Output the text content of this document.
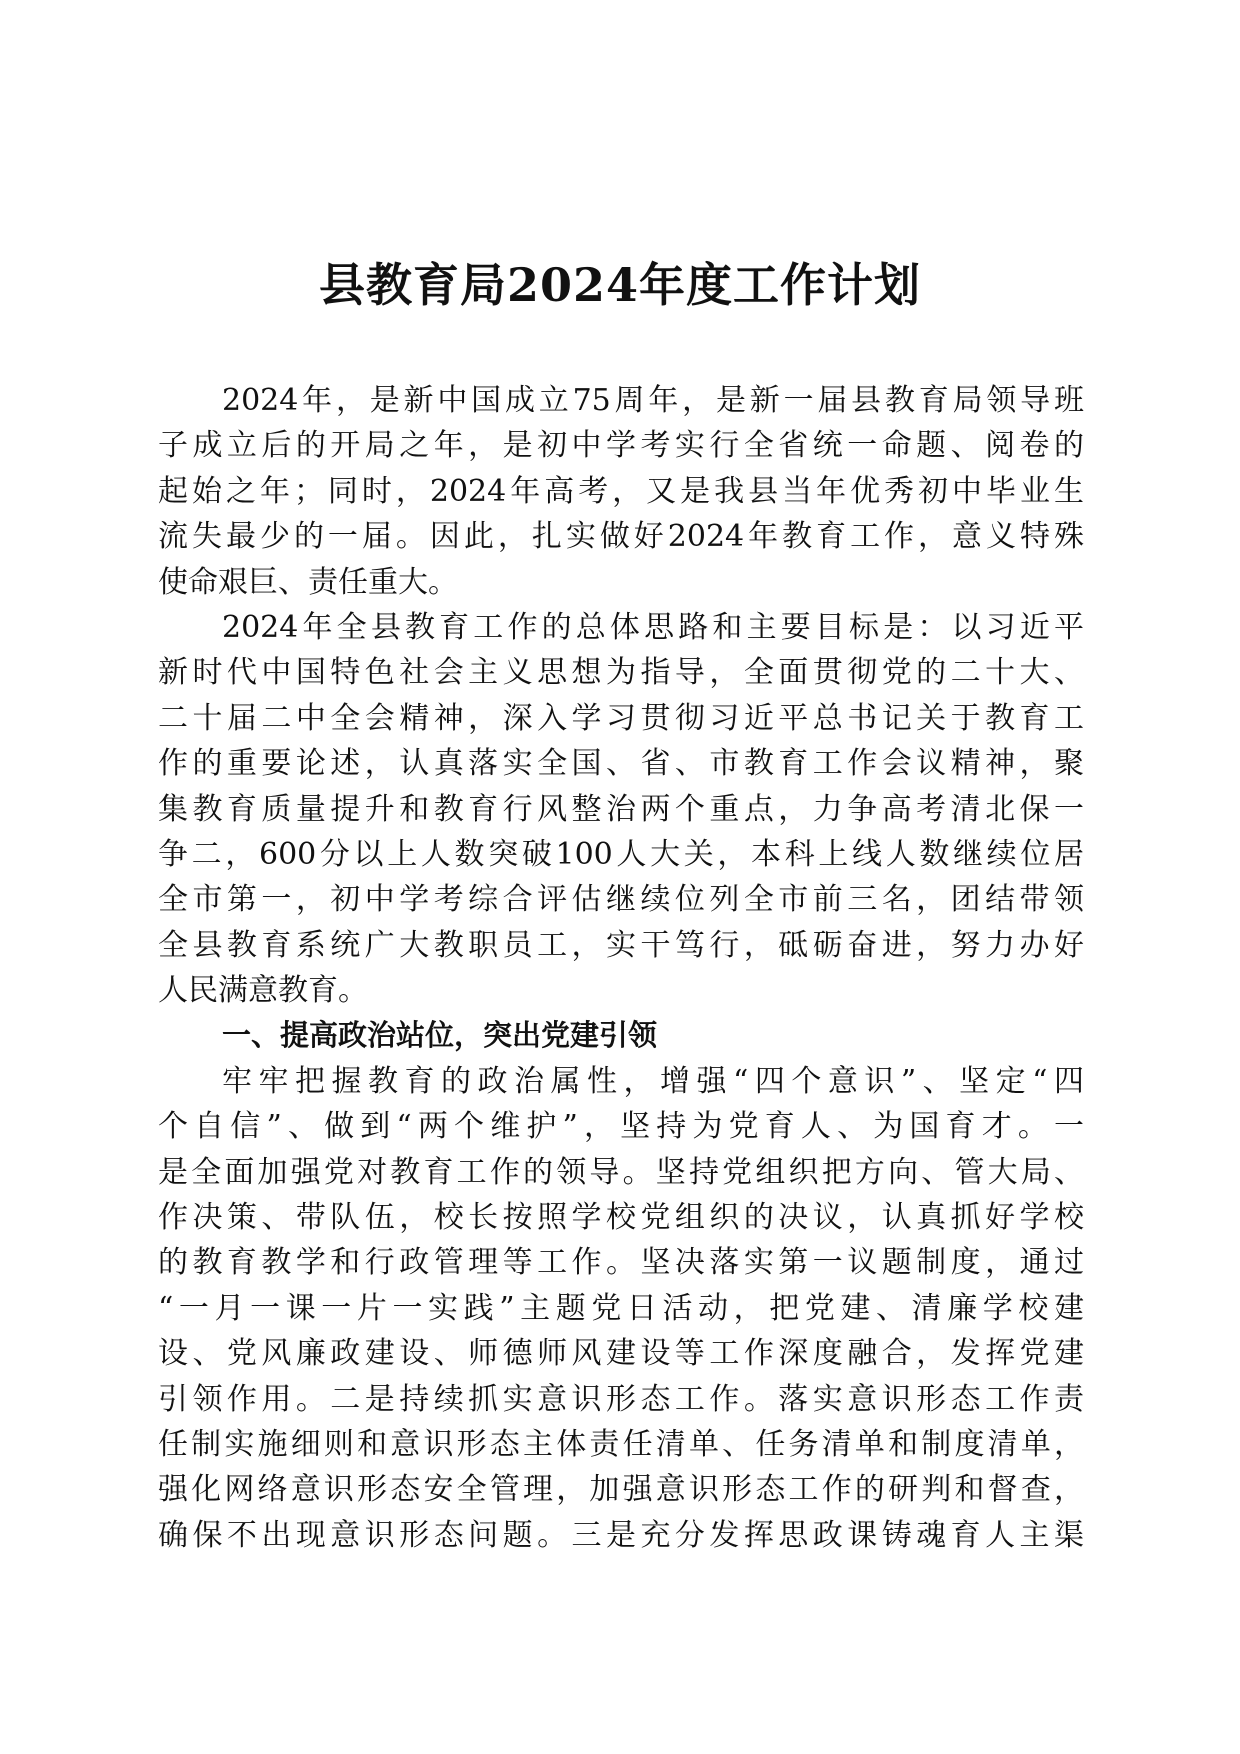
县教育局2024年度工作计划
2024年，是新中国成立75周年，是新一届县教育局领导班
子成立后的开局之年，是初中学考实行全省统一命题、阅卷的
起始之年；同时，2024年高考，又是我县当年优秀初中毕业生
流失最少的一届。因此，扎实做好2024年教育工作，意义特殊
使命艰巨、责任重大。
2024年全县教育工作的总体思路和主要目标是：以习近平
新时代中国特色社会主义思想为指导，全面贯彻党的二十大、
二十届二中全会精神，深入学习贯彻习近平总书记关于教育工
作的重要论述，认真落实全国、省、市教育工作会议精神，聚
集教育质量提升和教育行风整治两个重点，力争高考清北保一
争二，600分以上人数突破100人大关，本科上线人数继续位居
全市第一，初中学考综合评估继续位列全市前三名，团结带领
全县教育系统广大教职员工，实干笃行，砥砺奋进，努力办好
人民满意教育。
一、提高政治站位，突出党建引领
牢牢把握教育的政治属性，增强“四个意识”、坚定“四
个自信”、做到“两个维护”，坚持为党育人、为国育才。一
是全面加强党对教育工作的领导。坚持党组织把方向、管大局、
作决策、带队伍，校长按照学校党组织的决议，认真抓好学校
的教育教学和行政管理等工作。坚决落实第一议题制度，通过
“一月一课一片一实践”主题党日活动，把党建、清廉学校建
设、党风廉政建设、师德师风建设等工作深度融合，发挥党建
引领作用。二是持续抓实意识形态工作。落实意识形态工作责
任制实施细则和意识形态主体责任清单、任务清单和制度清单，
强化网络意识形态安全管理，加强意识形态工作的研判和督查，
确保不出现意识形态问题。三是充分发挥思政课铸魂育人主渠
